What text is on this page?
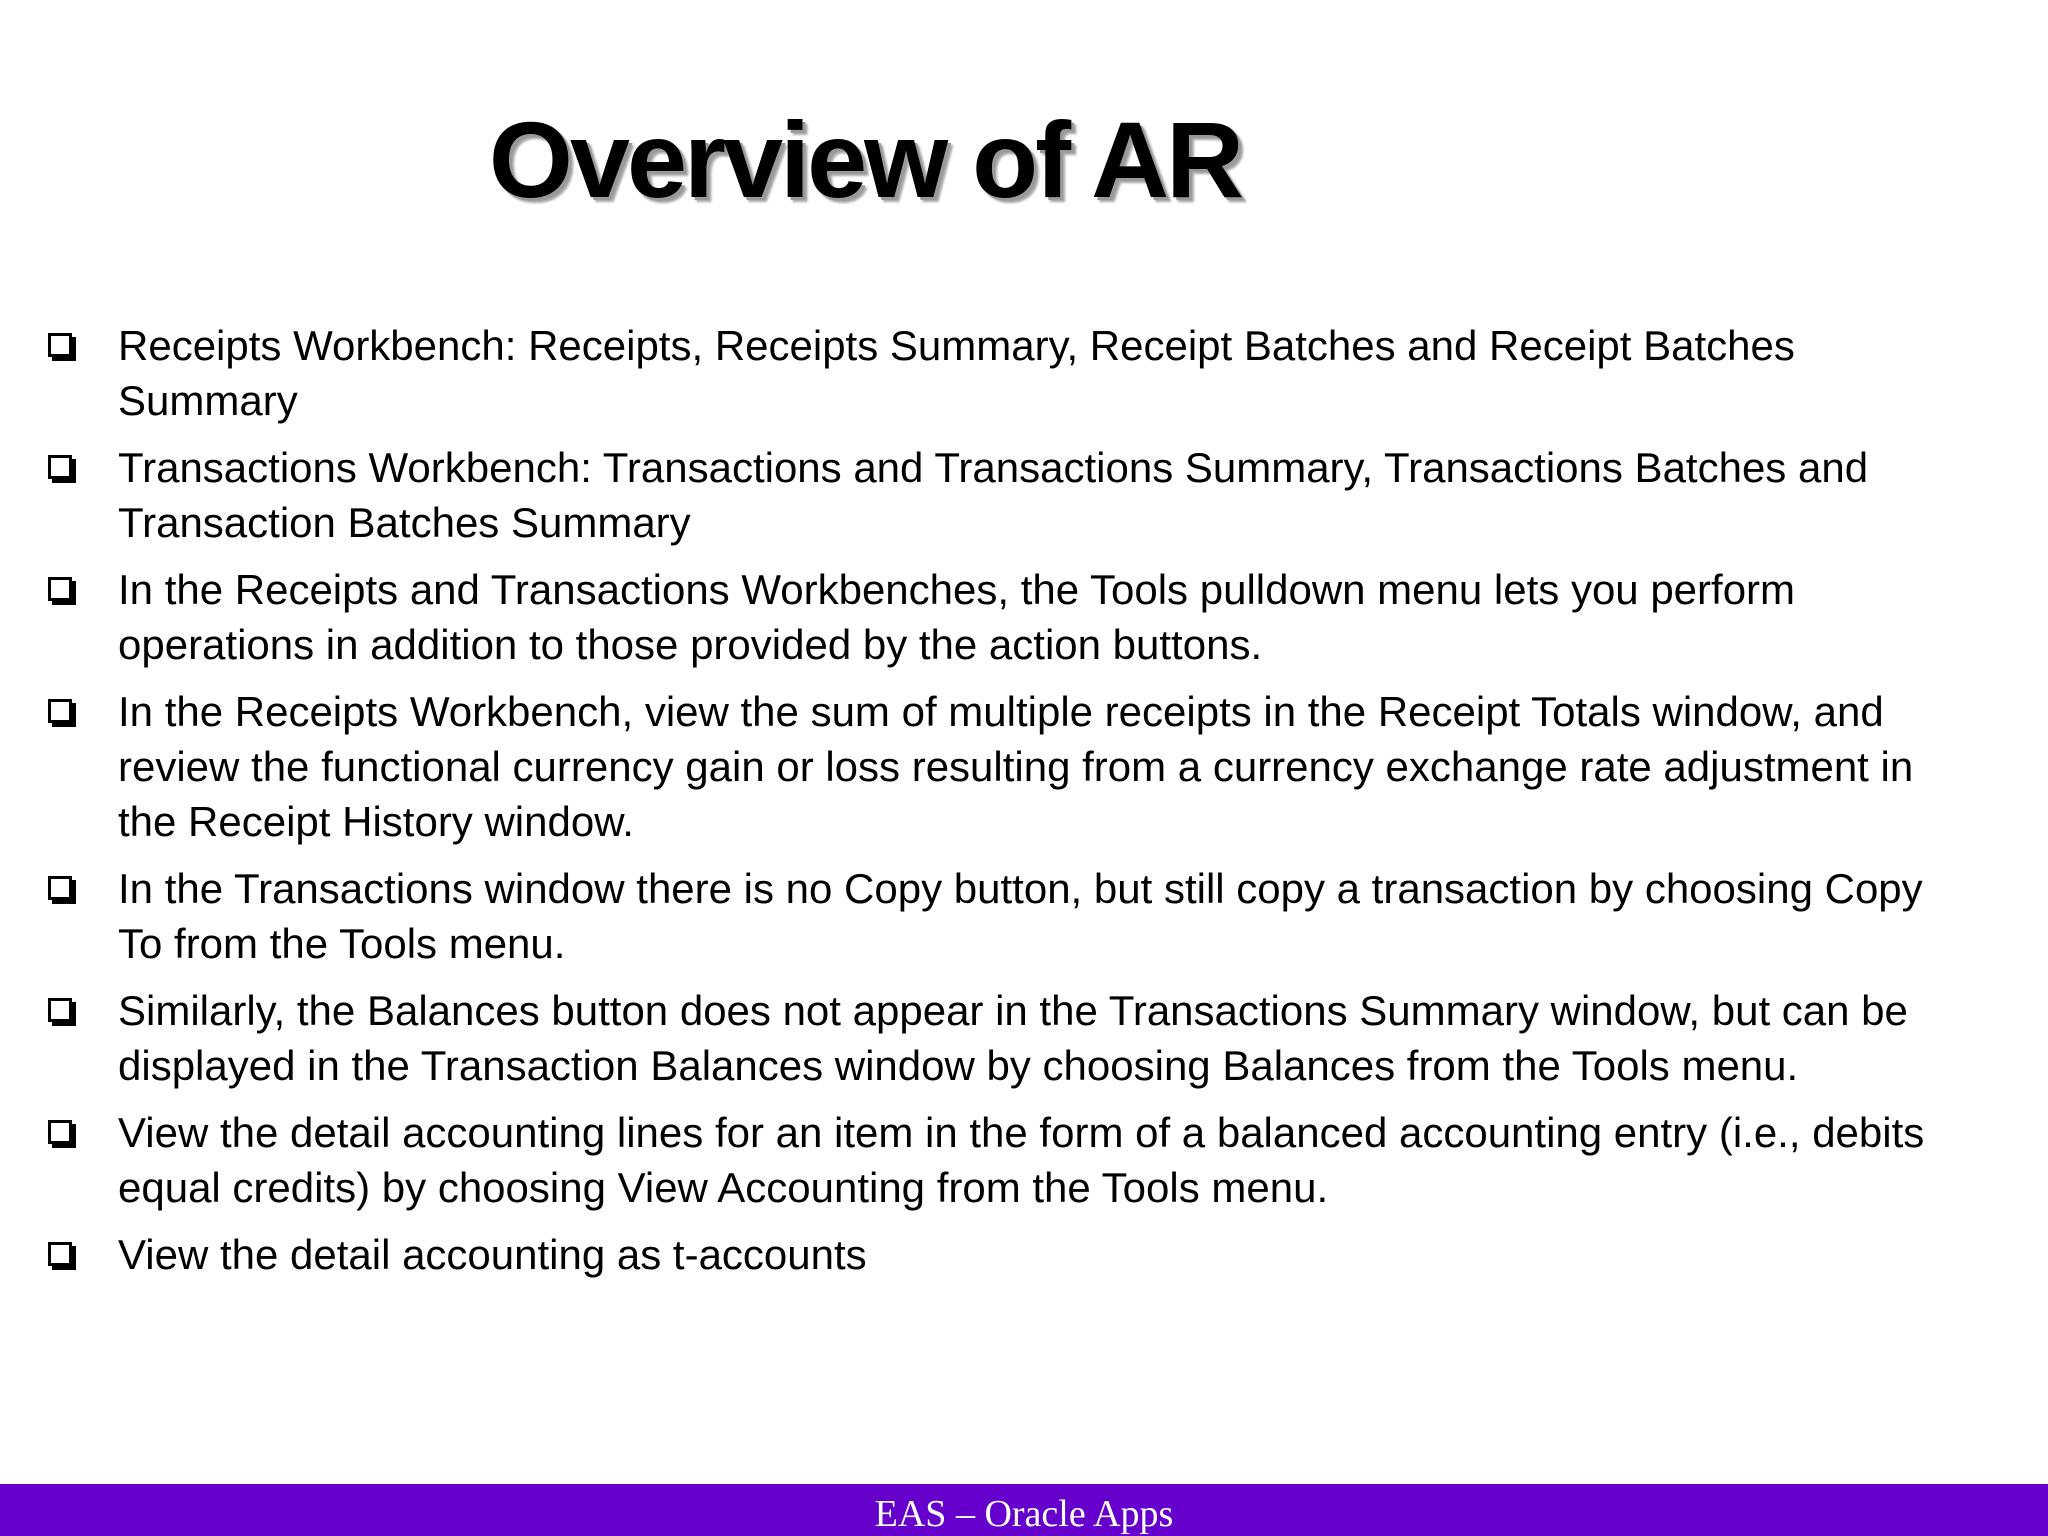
Overview of AR
Receipts Workbench: Receipts, Receipts Summary, Receipt Batches and Receipt Batches Summary
Transactions Workbench: Transactions and Transactions Summary, Transactions Batches and Transaction Batches Summary
In the Receipts and Transactions Workbenches, the Tools pulldown menu lets you perform operations in addition to those provided by the action buttons.
In the Receipts Workbench, view the sum of multiple receipts in the Receipt Totals window, and review the functional currency gain or loss resulting from a currency exchange rate adjustment in the Receipt History window.
In the Transactions window there is no Copy button, but still copy a transaction by choosing Copy To from the Tools menu.
Similarly, the Balances button does not appear in the Transactions Summary window, but can be displayed in the Transaction Balances window by choosing Balances from the Tools menu.
View the detail accounting lines for an item in the form of a balanced accounting entry (i.e., debits equal credits) by choosing View Accounting from the Tools menu.
View the detail accounting as t-accounts
EAS – Oracle Apps
